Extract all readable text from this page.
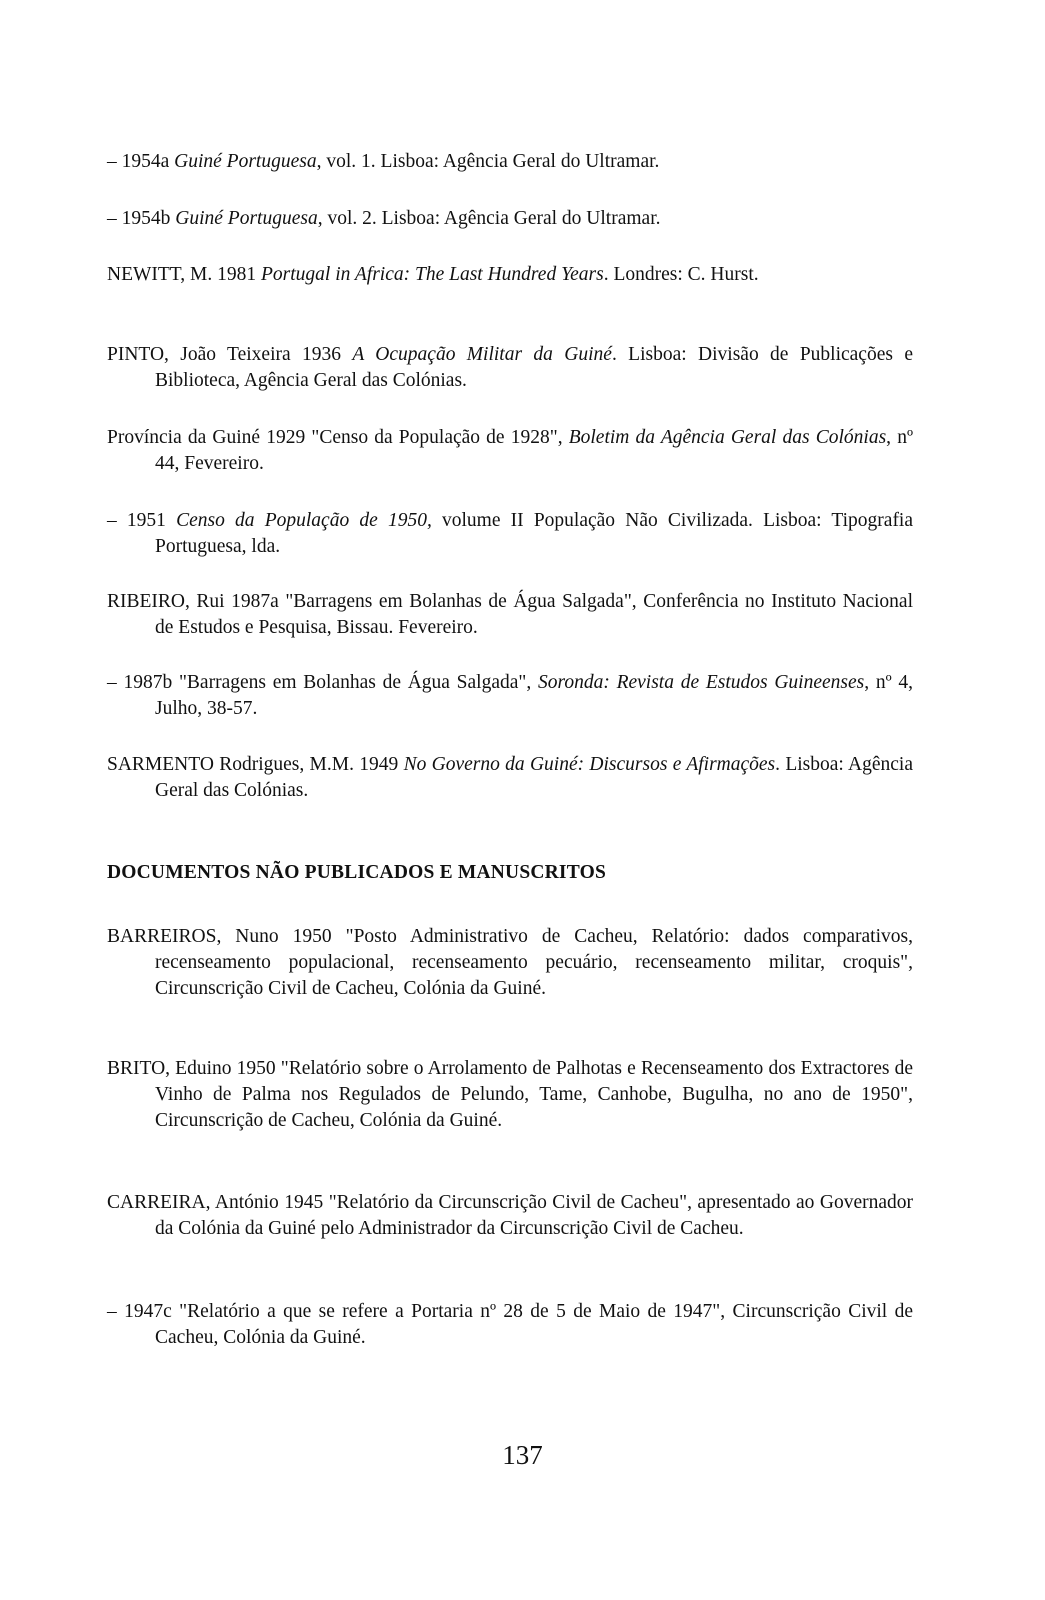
– 1954a Guiné Portuguesa, vol. 1. Lisboa: Agência Geral do Ultramar.
– 1954b Guiné Portuguesa, vol. 2. Lisboa: Agência Geral do Ultramar.
NEWITT, M. 1981 Portugal in Africa: The Last Hundred Years. Londres: C. Hurst.
PINTO, João Teixeira 1936 A Ocupação Militar da Guiné. Lisboa: Divisão de Publicações e Biblioteca, Agência Geral das Colónias.
Província da Guiné 1929 "Censo da População de 1928", Boletim da Agência Geral das Colónias, nº 44, Fevereiro.
– 1951 Censo da População de 1950, volume II População Não Civilizada. Lisboa: Tipografia Portuguesa, lda.
RIBEIRO, Rui 1987a "Barragens em Bolanhas de Água Salgada", Conferência no Instituto Nacional de Estudos e Pesquisa, Bissau. Fevereiro.
– 1987b "Barragens em Bolanhas de Água Salgada", Soronda: Revista de Estudos Guineenses, nº 4, Julho, 38-57.
SARMENTO Rodrigues, M.M. 1949 No Governo da Guiné: Discursos e Afirmações. Lisboa: Agência Geral das Colónias.
DOCUMENTOS NÃO PUBLICADOS E MANUSCRITOS
BARREIROS, Nuno 1950 "Posto Administrativo de Cacheu, Relatório: dados comparativos, recenseamento populacional, recenseamento pecuário, recenseamento militar, croquis", Circunscrição Civil de Cacheu, Colónia da Guiné.
BRITO, Eduino 1950 "Relatório sobre o Arrolamento de Palhotas e Recenseamento dos Extractores de Vinho de Palma nos Regulados de Pelundo, Tame, Canhobe, Bugulha, no ano de 1950", Circunscrição de Cacheu, Colónia da Guiné.
CARREIRA, António 1945 "Relatório da Circunscrição Civil de Cacheu", apresentado ao Governador da Colónia da Guiné pelo Administrador da Circunscrição Civil de Cacheu.
– 1947c "Relatório a que se refere a Portaria nº 28 de 5 de Maio de 1947", Circunscrição Civil de Cacheu, Colónia da Guiné.
137
